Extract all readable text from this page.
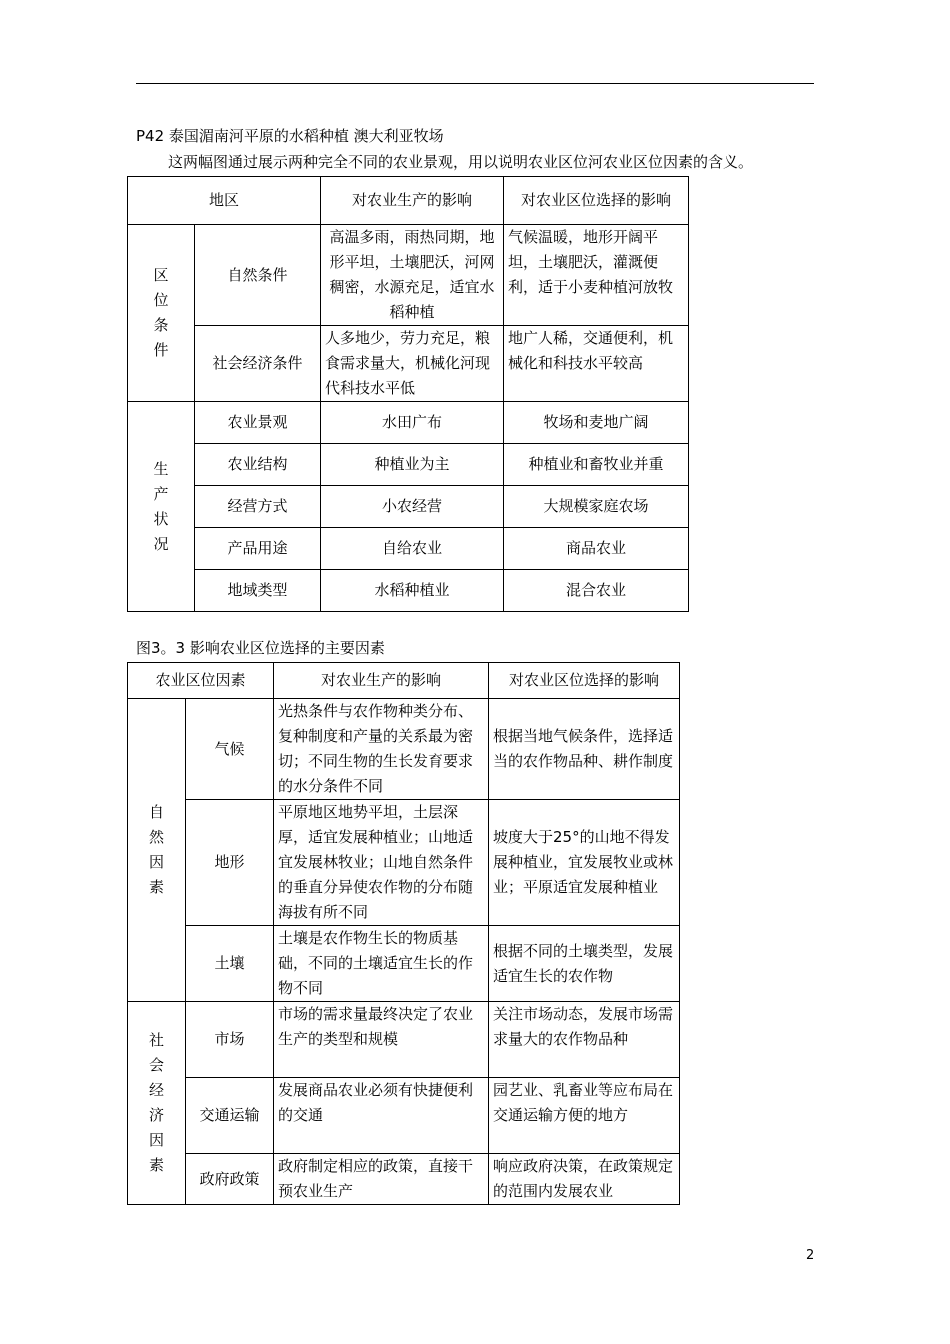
P42 泰国湄南河平原的水稻种植 澳大利亚牧场
这两幅图通过展示两种完全不同的农业景观，用以说明农业区位河农业区位因素的含义。
地区		对农业生产的影响	对农业区位选择的影响

区位条件	自然条件	高温多雨，雨热同期，地形平坦，土壤肥沃，河网稠密，水源充足，适宜水稻种植	气候温暖，地形开阔平坦，土壤肥沃，灌溉便利，适于小麦种植河放牧
	社会经济条件	人多地少，劳力充足，粮食需求量大，机械化河现代科技水平低	地广人稀，交通便利，机械化和科技水平较高

生产状况	农业景观	水田广布	牧场和麦地广阔
	农业结构	种植业为主	种植业和畜牧业并重
	经营方式	小农经营	大规模家庭农场
	产品用途	自给农业	商品农业
	地域类型	水稻种植业	混合农业
图3。3 影响农业区位选择的主要因素
农业区位因素		对农业生产的影响	对农业区位选择的影响

自然因素	气候	光热条件与农作物种类分布、复种制度和产量的关系最为密切；不同生物的生长发育要求的水分条件不同	根据当地气候条件，选择适当的农作物品种、耕作制度
	地形	平原地区地势平坦，土层深厚，适宜发展种植业；山地适宜发展林牧业；山地自然条件的垂直分异使农作物的分布随海拔有所不同	坡度大于25°的山地不得发展种植业，宜发展牧业或林业；平原适宜发展种植业
	土壤	土壤是农作物生长的物质基础，不同的土壤适宜生长的作物不同	根据不同的土壤类型，发展适宜生长的农作物

社会经济因素	市场	市场的需求量最终决定了农业生产的类型和规模	关注市场动态，发展市场需求量大的农作物品种
	交通运输	发展商品农业必须有快捷便利的交通	园艺业、乳畜业等应布局在交通运输方便的地方
	政府政策	政府制定相应的政策，直接干预农业生产	响应政府决策，在政策规定的范围内发展农业
2
